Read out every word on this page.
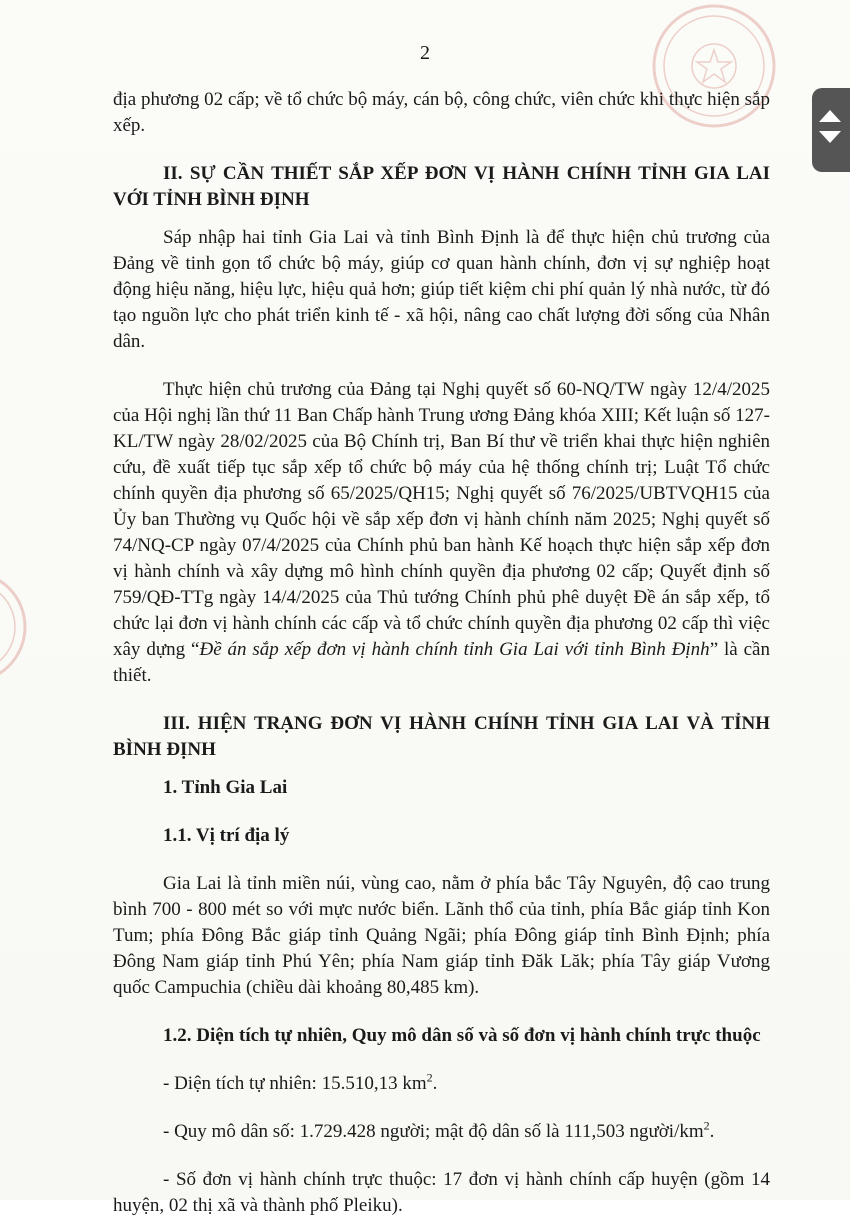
2

địa phương 02 cấp; về tổ chức bộ máy, cán bộ, công chức, viên chức khi thực hiện sắp xếp.

II. SỰ CẦN THIẾT SẮP XẾP ĐƠN VỊ HÀNH CHÍNH TỈNH GIA LAI VỚI TỈNH BÌNH ĐỊNH

Sáp nhập hai tỉnh Gia Lai và tỉnh Bình Định là để thực hiện chủ trương của Đảng về tinh gọn tổ chức bộ máy, giúp cơ quan hành chính, đơn vị sự nghiệp hoạt động hiệu năng, hiệu lực, hiệu quả hơn; giúp tiết kiệm chi phí quản lý nhà nước, từ đó tạo nguồn lực cho phát triển kinh tế - xã hội, nâng cao chất lượng đời sống của Nhân dân.

Thực hiện chủ trương của Đảng tại Nghị quyết số 60-NQ/TW ngày 12/4/2025 của Hội nghị lần thứ 11 Ban Chấp hành Trung ương Đảng khóa XIII; Kết luận số 127-KL/TW ngày 28/02/2025 của Bộ Chính trị, Ban Bí thư về triển khai thực hiện nghiên cứu, đề xuất tiếp tục sắp xếp tổ chức bộ máy của hệ thống chính trị; Luật Tổ chức chính quyền địa phương số 65/2025/QH15; Nghị quyết số 76/2025/UBTVQH15 của Ủy ban Thường vụ Quốc hội về sắp xếp đơn vị hành chính năm 2025; Nghị quyết số 74/NQ-CP ngày 07/4/2025 của Chính phủ ban hành Kế hoạch thực hiện sắp xếp đơn vị hành chính và xây dựng mô hình chính quyền địa phương 02 cấp; Quyết định số 759/QĐ-TTg ngày 14/4/2025 của Thủ tướng Chính phủ phê duyệt Đề án sắp xếp, tổ chức lại đơn vị hành chính các cấp và tổ chức chính quyền địa phương 02 cấp thì việc xây dựng “Đề án sắp xếp đơn vị hành chính tỉnh Gia Lai với tỉnh Bình Định” là cần thiết.

III. HIỆN TRẠNG ĐƠN VỊ HÀNH CHÍNH TỈNH GIA LAI VÀ TỈNH BÌNH ĐỊNH

1. Tỉnh Gia Lai

1.1. Vị trí địa lý

Gia Lai là tỉnh miền núi, vùng cao, nằm ở phía bắc Tây Nguyên, độ cao trung bình 700 - 800 mét so với mực nước biển. Lãnh thổ của tỉnh, phía Bắc giáp tỉnh Kon Tum; phía Đông Bắc giáp tỉnh Quảng Ngãi; phía Đông giáp tỉnh Bình Định; phía Đông Nam giáp tỉnh Phú Yên; phía Nam giáp tỉnh Đăk Lăk; phía Tây giáp Vương quốc Campuchia (chiều dài khoảng 80,485 km).

1.2. Diện tích tự nhiên, Quy mô dân số và số đơn vị hành chính trực thuộc

- Diện tích tự nhiên: 15.510,13 $km^2$.

- Quy mô dân số: 1.729.428 người; mật độ dân số là 111,503 người/$km^2$.

- Số đơn vị hành chính trực thuộc: 17 đơn vị hành chính cấp huyện (gồm 14 huyện, 02 thị xã và thành phố Pleiku).
